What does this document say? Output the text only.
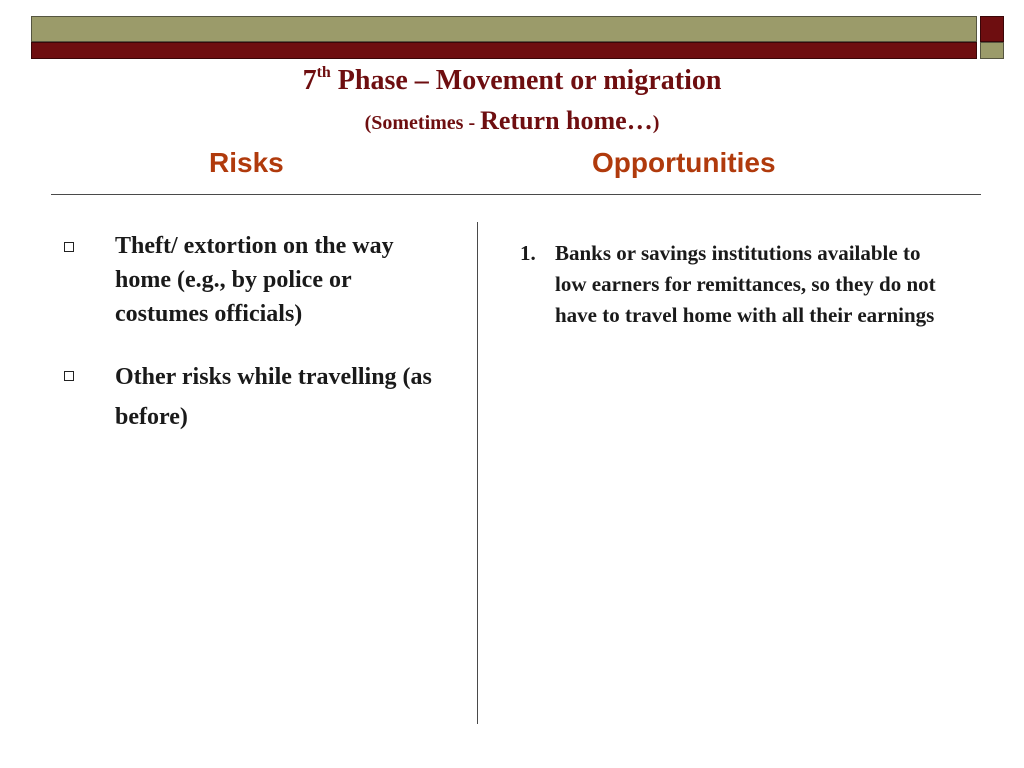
7th Phase – Movement or migration
(Sometimes - Return home…)
Risks	Opportunities
Theft/ extortion on the way home (e.g., by police or costumes officials)
Other risks while travelling (as before)
1. Banks or savings institutions available to low earners for remittances, so they do not have to travel home with all their earnings
